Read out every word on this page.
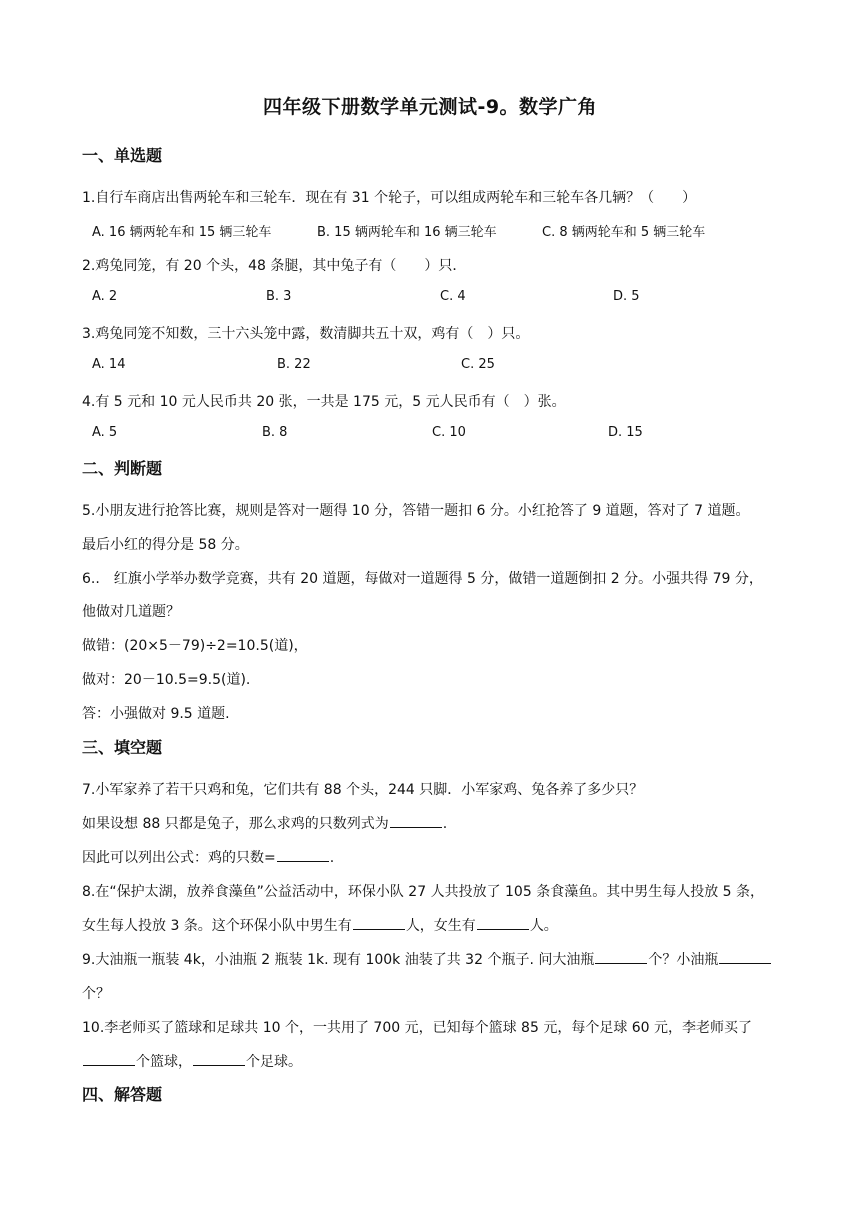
四年级下册数学单元测试-9。数学广角
一、单选题
1.自行车商店出售两轮车和三轮车．现在有 31 个轮子，可以组成两轮车和三轮车各几辆？（　　）
A. 16 辆两轮车和 15 辆三轮车	B. 15 辆两轮车和 16 辆三轮车	C. 8 辆两轮车和 5 辆三轮车
2.鸡兔同笼，有 20 个头，48 条腿，其中兔子有（　　）只．
A. 2	B. 3	C. 4	D. 5
3.鸡兔同笼不知数，三十六头笼中露，数清脚共五十双，鸡有（　）只。
A. 14	B. 22	C. 25
4.有 5 元和 10 元人民币共 20 张，一共是 175 元，5 元人民币有（　）张。
A. 5	B. 8	C. 10	D. 15
二、判断题
5.小朋友进行抢答比赛，规则是答对一题得 10 分，答错一题扣 6 分。小红抢答了 9 道题，答对了 7 道题。
最后小红的得分是 58 分。
6..　红旗小学举办数学竞赛，共有 20 道题，每做对一道题得 5 分，做错一道题倒扣 2 分。小强共得 79 分，
他做对几道题？
做错：(20×5－79)÷2=10.5(道)，
做对：20－10.5=9.5(道).
答：小强做对 9.5 道题.
三、填空题
7.小军家养了若干只鸡和兔，它们共有 88 个头，244 只脚．小军家鸡、兔各养了多少只？
如果设想 88 只都是兔子，那么求鸡的只数列式为	.
因此可以列出公式：鸡的只数=	.
8.在“保护太湖，放养食藻鱼”公益活动中，环保小队 27 人共投放了 105 条食藻鱼。其中男生每人投放 5 条，
女生每人投放 3 条。这个环保小队中男生有	人，女生有	人。
9.大油瓶一瓶装 4k，小油瓶 2 瓶装 1k. 现有 100k 油装了共 32 个瓶子. 问大油瓶	个？小油瓶
个？
10.李老师买了篮球和足球共 10 个，一共用了 700 元，已知每个篮球 85 元，每个足球 60 元，李老师买了
个篮球，	个足球。
四、解答题
